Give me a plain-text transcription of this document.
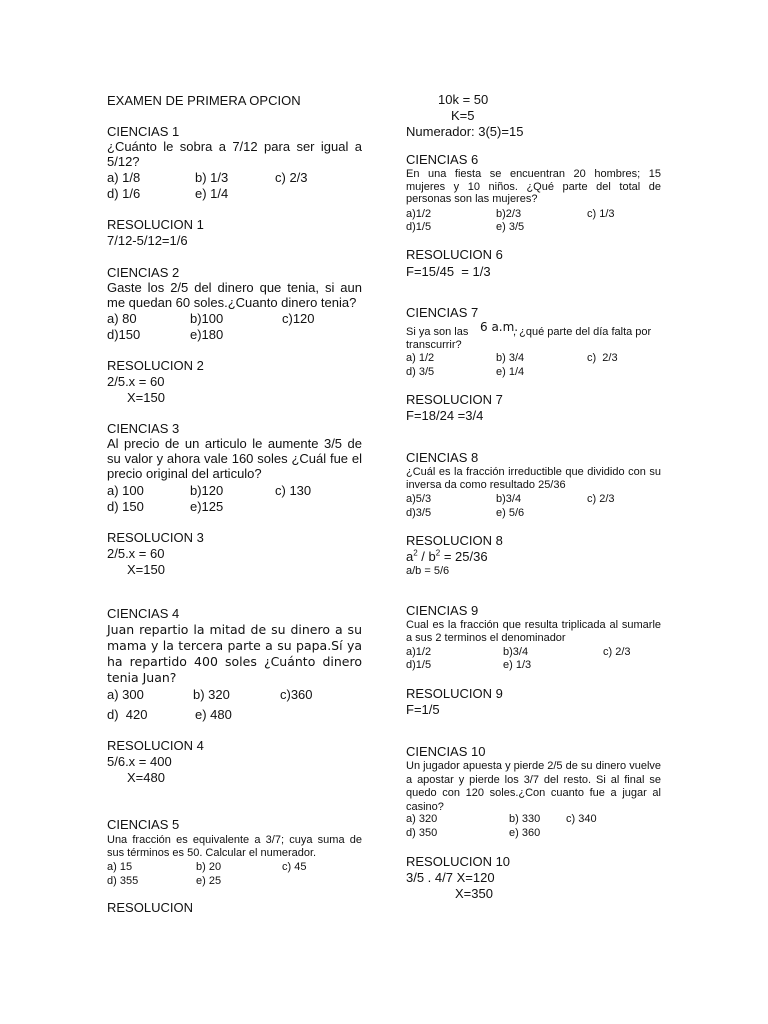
EXAMEN DE PRIMERA OPCION
CIENCIAS 1
¿Cuánto le sobra a 7/12 para ser igual a 5/12?
a) 1/8	b) 1/3	c) 2/3
d) 1/6	e) 1/4
RESOLUCION 1
7/12-5/12=1/6
CIENCIAS 2
Gaste los 2/5 del dinero que tenia, si aun me quedan 60 soles.¿Cuanto dinero tenia?
a) 80	b)100	c)120
d)150	e)180
RESOLUCION 2
2/5.x = 60
X=150
CIENCIAS 3
Al precio de un articulo le aumente 3/5 de su valor y ahora vale 160 soles ¿Cuál fue el precio original del articulo?
a) 100	b)120	c) 130
d) 150	e)125
RESOLUCION 3
2/5.x = 60
X=150
CIENCIAS 4
Juan repartio la mitad de su dinero a su mama y la tercera parte a su papa.Sí ya ha repartido 400 soles ¿Cuánto dinero tenia Juan?
a) 300	b) 320	c)360
d)  420	e) 480
RESOLUCION 4
5/6.x = 400
X=480
CIENCIAS 5
Una fracción es equivalente a 3/7; cuya suma de sus términos es 50. Calcular el numerador.
a) 15	b) 20	c) 45
d) 355	e) 25
RESOLUCION
10k = 50
K=5
Numerador: 3(5)=15
CIENCIAS 6
En una fiesta se encuentran 20 hombres; 15 mujeres y 10 niños. ¿Qué parte del total de personas son las mujeres?
a)1/2	b)2/3	c) 1/3
d)1/5	e) 3/5
RESOLUCION 6
F=15/45  = 1/3
CIENCIAS 7
Si ya son las 6 a.m.
, ¿qué parte del día falta por
transcurrir?
a) 1/2	b) 3/4	c)  2/3
d) 3/5	e) 1/4
RESOLUCION 7
F=18/24 =3/4
CIENCIAS 8
¿Cuál es la fracción irreductible que dividido con su inversa da como resultado 25/36
a)5/3	b)3/4	c) 2/3
d)3/5	e) 5/6
RESOLUCION 8
$a^2 / b^2 = 25/36$
a/b = 5/6
CIENCIAS 9
Cual es la fracción que resulta triplicada al sumarle a sus 2 terminos el denominador
a)1/2	b)3/4	c) 2/3
d)1/5	e) 1/3
RESOLUCION 9
F=1/5
CIENCIAS 10
Un jugador apuesta y pierde 2/5 de su dinero vuelve a apostar y pierde los 3/7 del resto. Si al final se quedo con 120 soles.¿Con cuanto fue a jugar al casino?
a) 320	b) 330 c) 340
d) 350	e) 360
RESOLUCION 10
3/5 . 4/7 X=120
X=350
